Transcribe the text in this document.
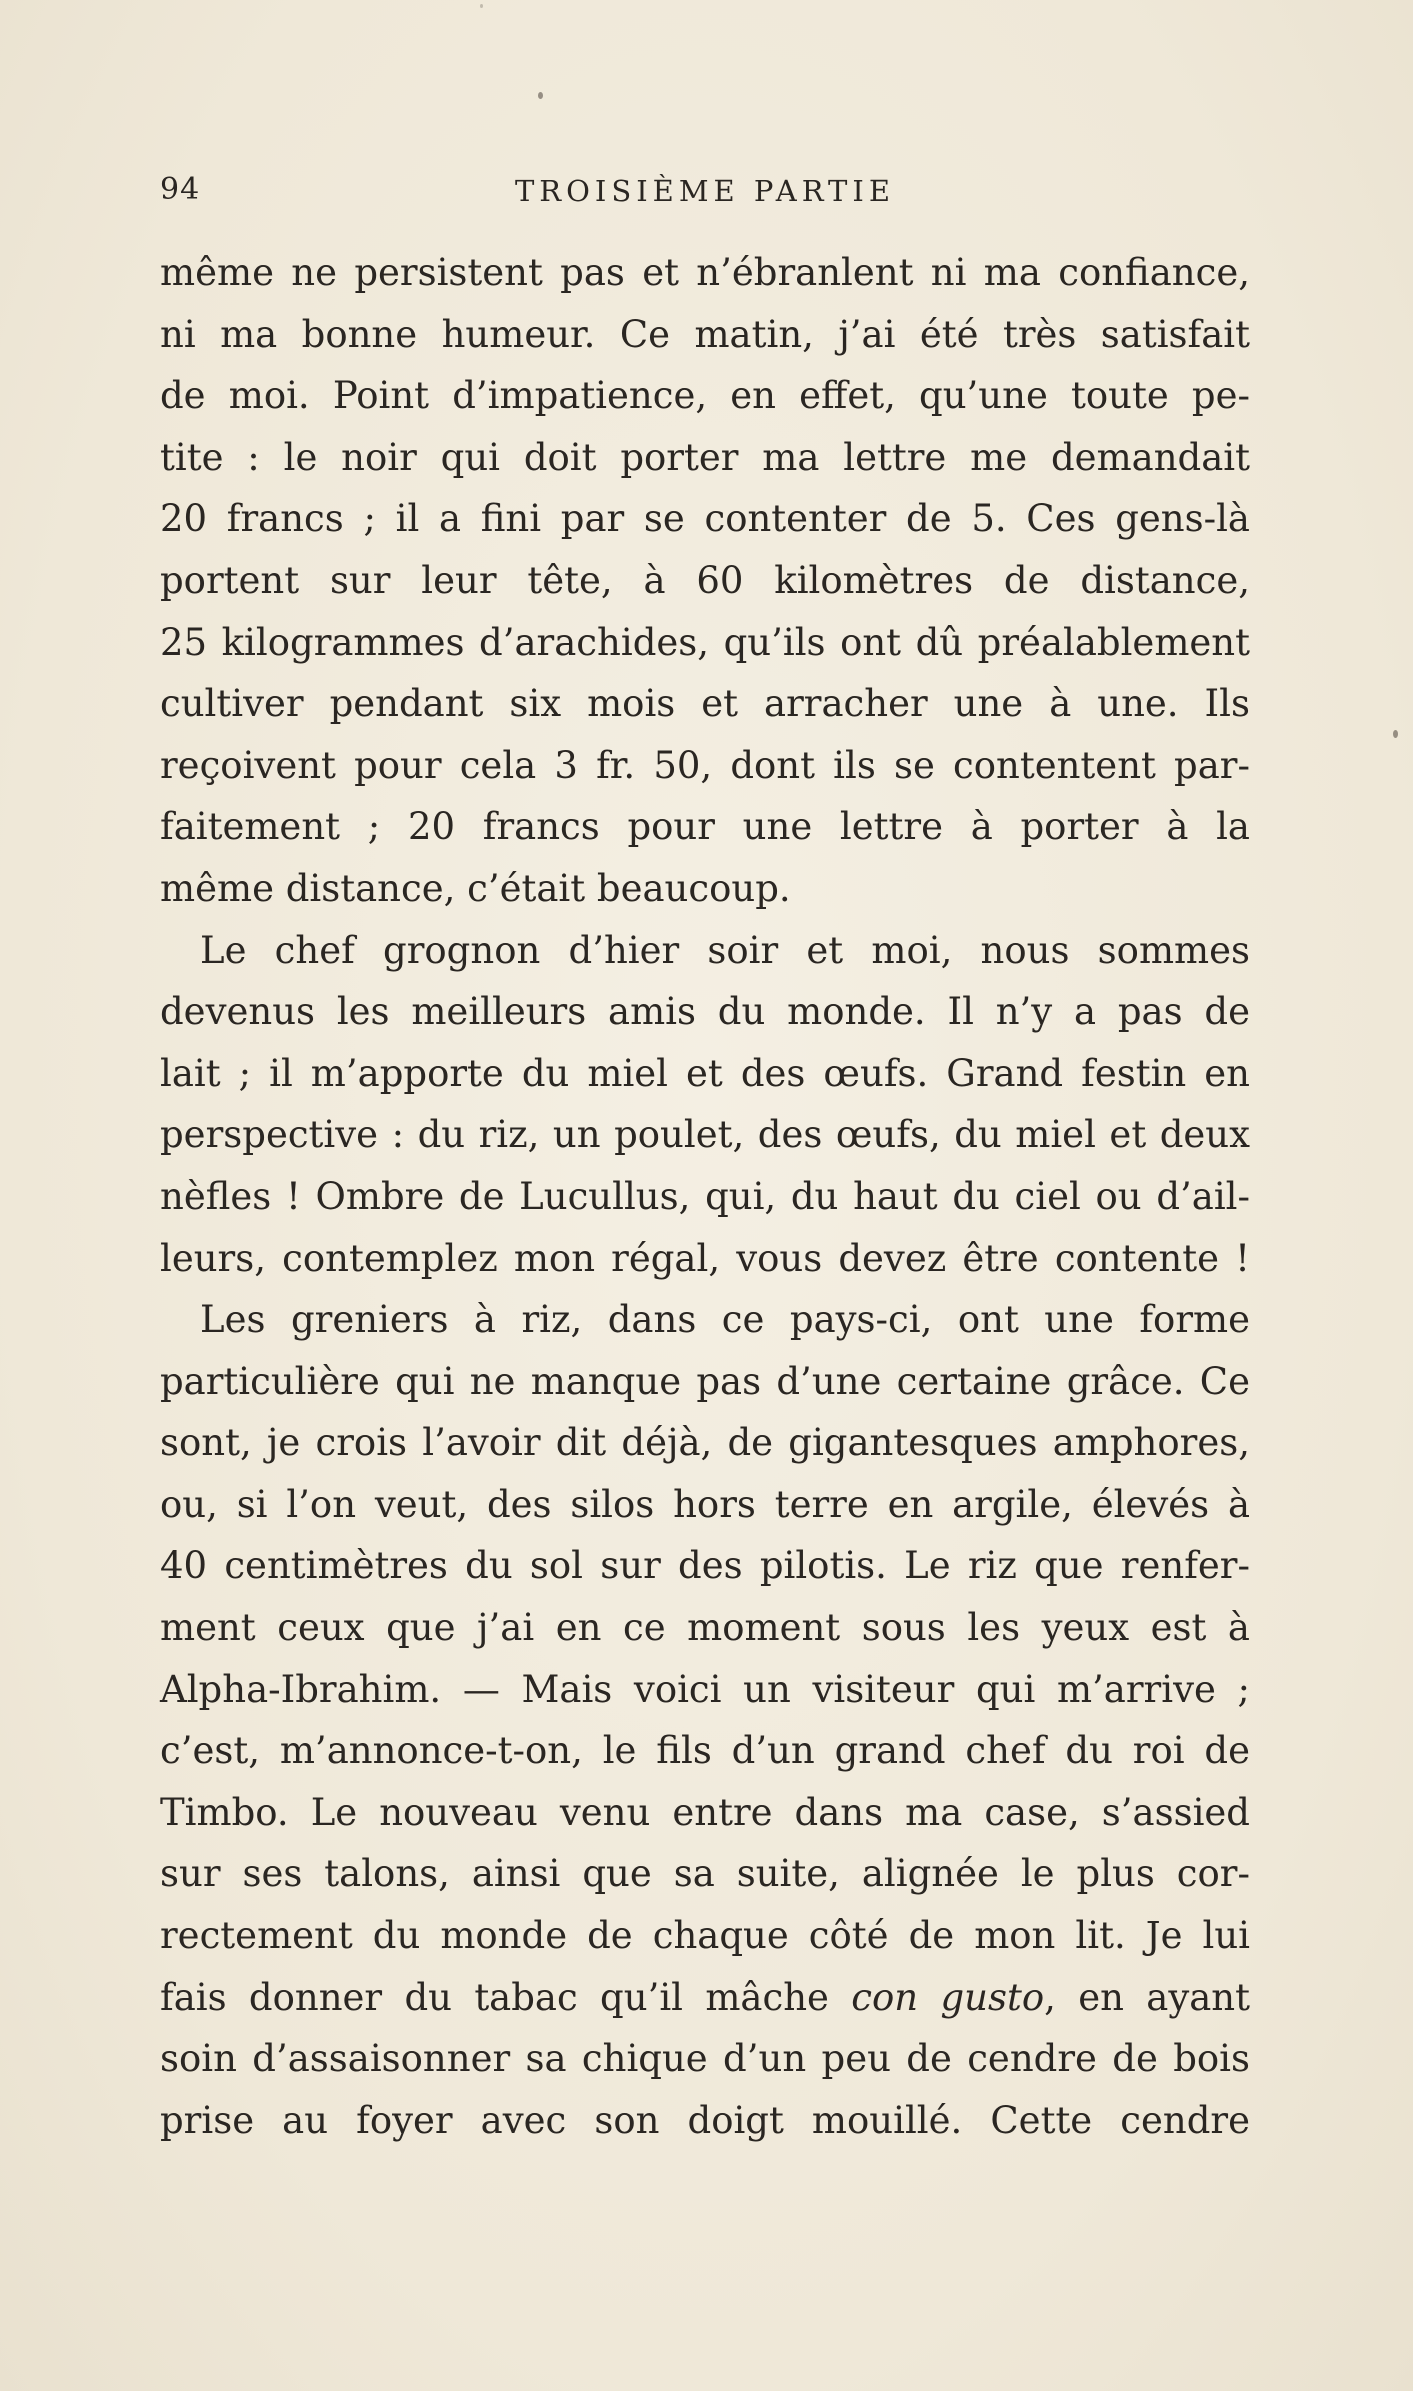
94	TROISIÈME PARTIE
même ne persistent pas et n’ébranlent ni ma confiance,
ni ma bonne humeur. Ce matin, j’ai été très satisfait
de moi. Point d’impatience, en effet, qu’une toute pe-
tite : le noir qui doit porter ma lettre me demandait
20 francs ; il a fini par se contenter de 5. Ces gens-là
portent sur leur tête, à 60 kilomètres de distance,
25 kilogrammes d’arachides, qu’ils ont dû préalablement
cultiver pendant six mois et arracher une à une. Ils
reçoivent pour cela 3 fr. 50, dont ils se contentent par-
faitement ; 20 francs pour une lettre à porter à la
même distance, c’était beaucoup.
Le chef grognon d’hier soir et moi, nous sommes
devenus les meilleurs amis du monde. Il n’y a pas de
lait ; il m’apporte du miel et des œufs. Grand festin en
perspective : du riz, un poulet, des œufs, du miel et deux
nèfles ! Ombre de Lucullus, qui, du haut du ciel ou d’ail-
leurs, contemplez mon régal, vous devez être contente !
Les greniers à riz, dans ce pays-ci, ont une forme
particulière qui ne manque pas d’une certaine grâce. Ce
sont, je crois l’avoir dit déjà, de gigantesques amphores,
ou, si l’on veut, des silos hors terre en argile, élevés à
40 centimètres du sol sur des pilotis. Le riz que renfer-
ment ceux que j’ai en ce moment sous les yeux est à
Alpha-Ibrahim. — Mais voici un visiteur qui m’arrive ;
c’est, m’annonce-t-on, le fils d’un grand chef du roi de
Timbo. Le nouveau venu entre dans ma case, s’assied
sur ses talons, ainsi que sa suite, alignée le plus cor-
rectement du monde de chaque côté de mon lit. Je lui
fais donner du tabac qu’il mâche con gusto, en ayant
soin d’assaisonner sa chique d’un peu de cendre de bois
prise au foyer avec son doigt mouillé. Cette cendre
